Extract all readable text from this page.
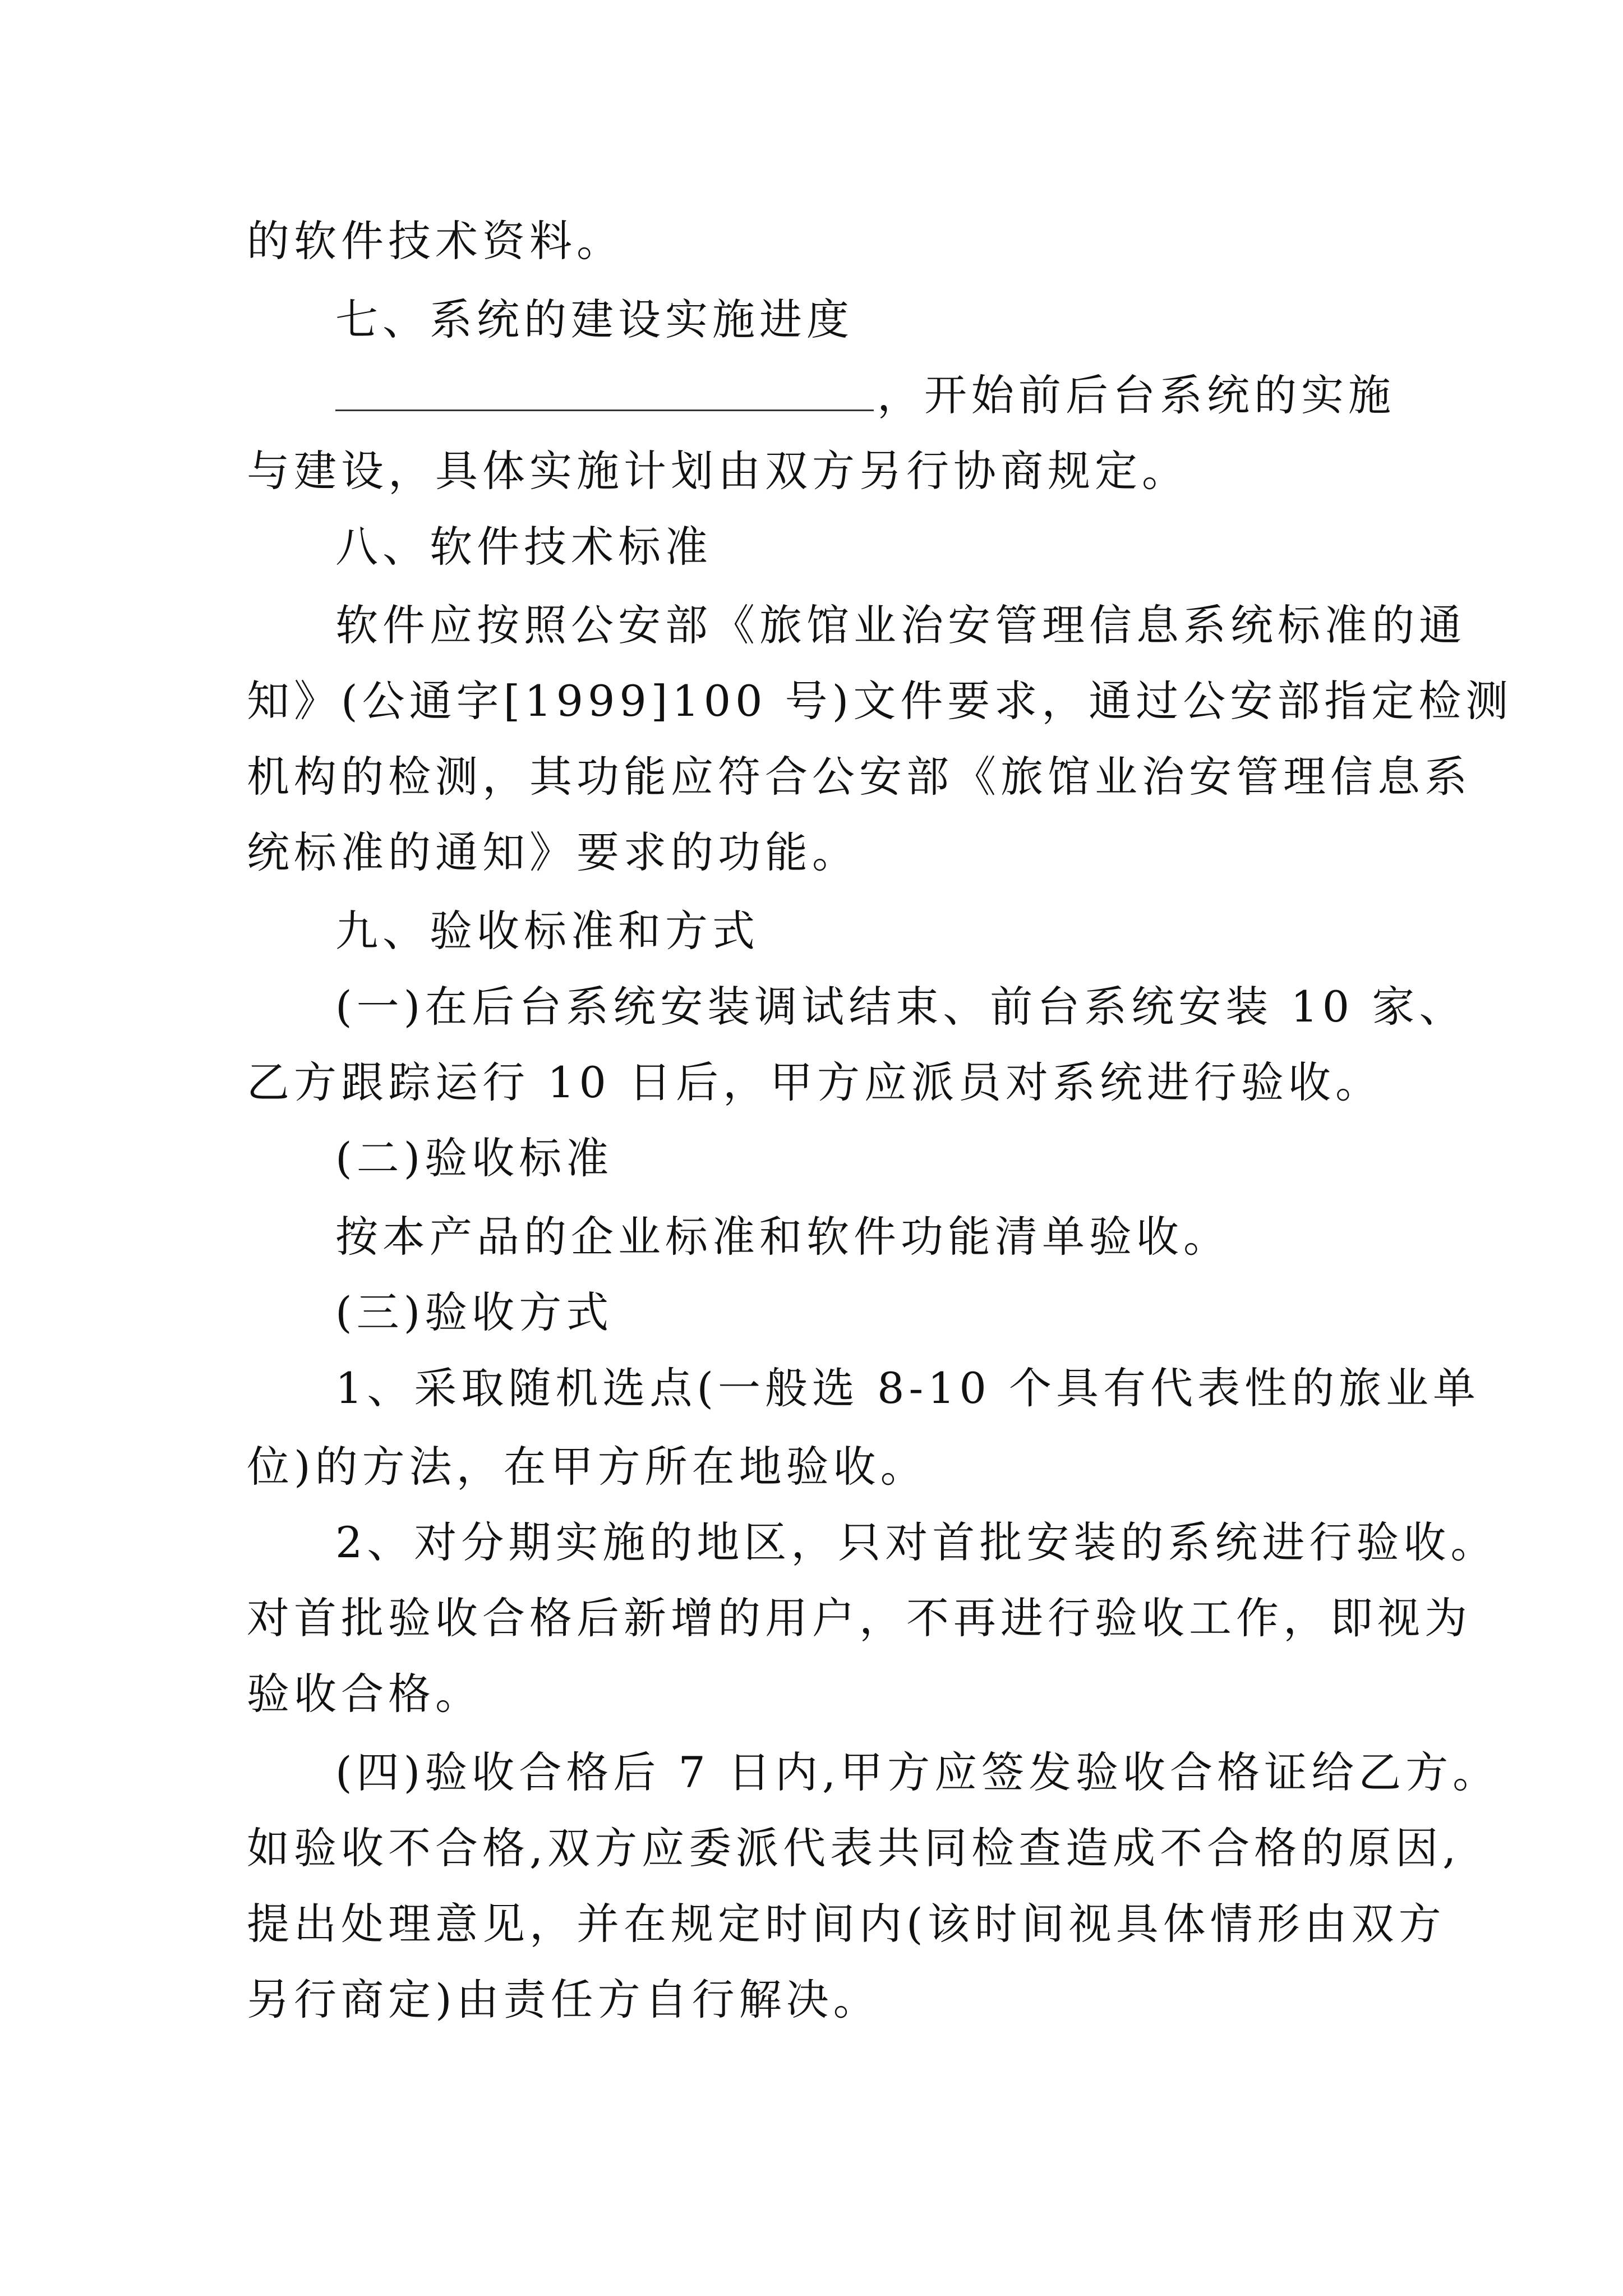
的软件技术资料。
七、系统的建设实施进度
，开始前后台系统的实施
与建设，具体实施计划由双方另行协商规定。
八、软件技术标准
软件应按照公安部《旅馆业治安管理信息系统标准的通
知》(公通字[1999]100 号)文件要求，通过公安部指定检测
机构的检测，其功能应符合公安部《旅馆业治安管理信息系
统标准的通知》要求的功能。
九、验收标准和方式
(一)在后台系统安装调试结束、前台系统安装 10 家、
乙方跟踪运行 10 日后，甲方应派员对系统进行验收。
(二)验收标准
按本产品的企业标准和软件功能清单验收。
(三)验收方式
1、采取随机选点(一般选 8-10 个具有代表性的旅业单
位)的方法，在甲方所在地验收。
2、对分期实施的地区，只对首批安装的系统进行验收。
对首批验收合格后新增的用户，不再进行验收工作，即视为
验收合格。
(四)验收合格后 7 日内,甲方应签发验收合格证给乙方。
如验收不合格,双方应委派代表共同检查造成不合格的原因,
提出处理意见，并在规定时间内(该时间视具体情形由双方
另行商定)由责任方自行解决。
